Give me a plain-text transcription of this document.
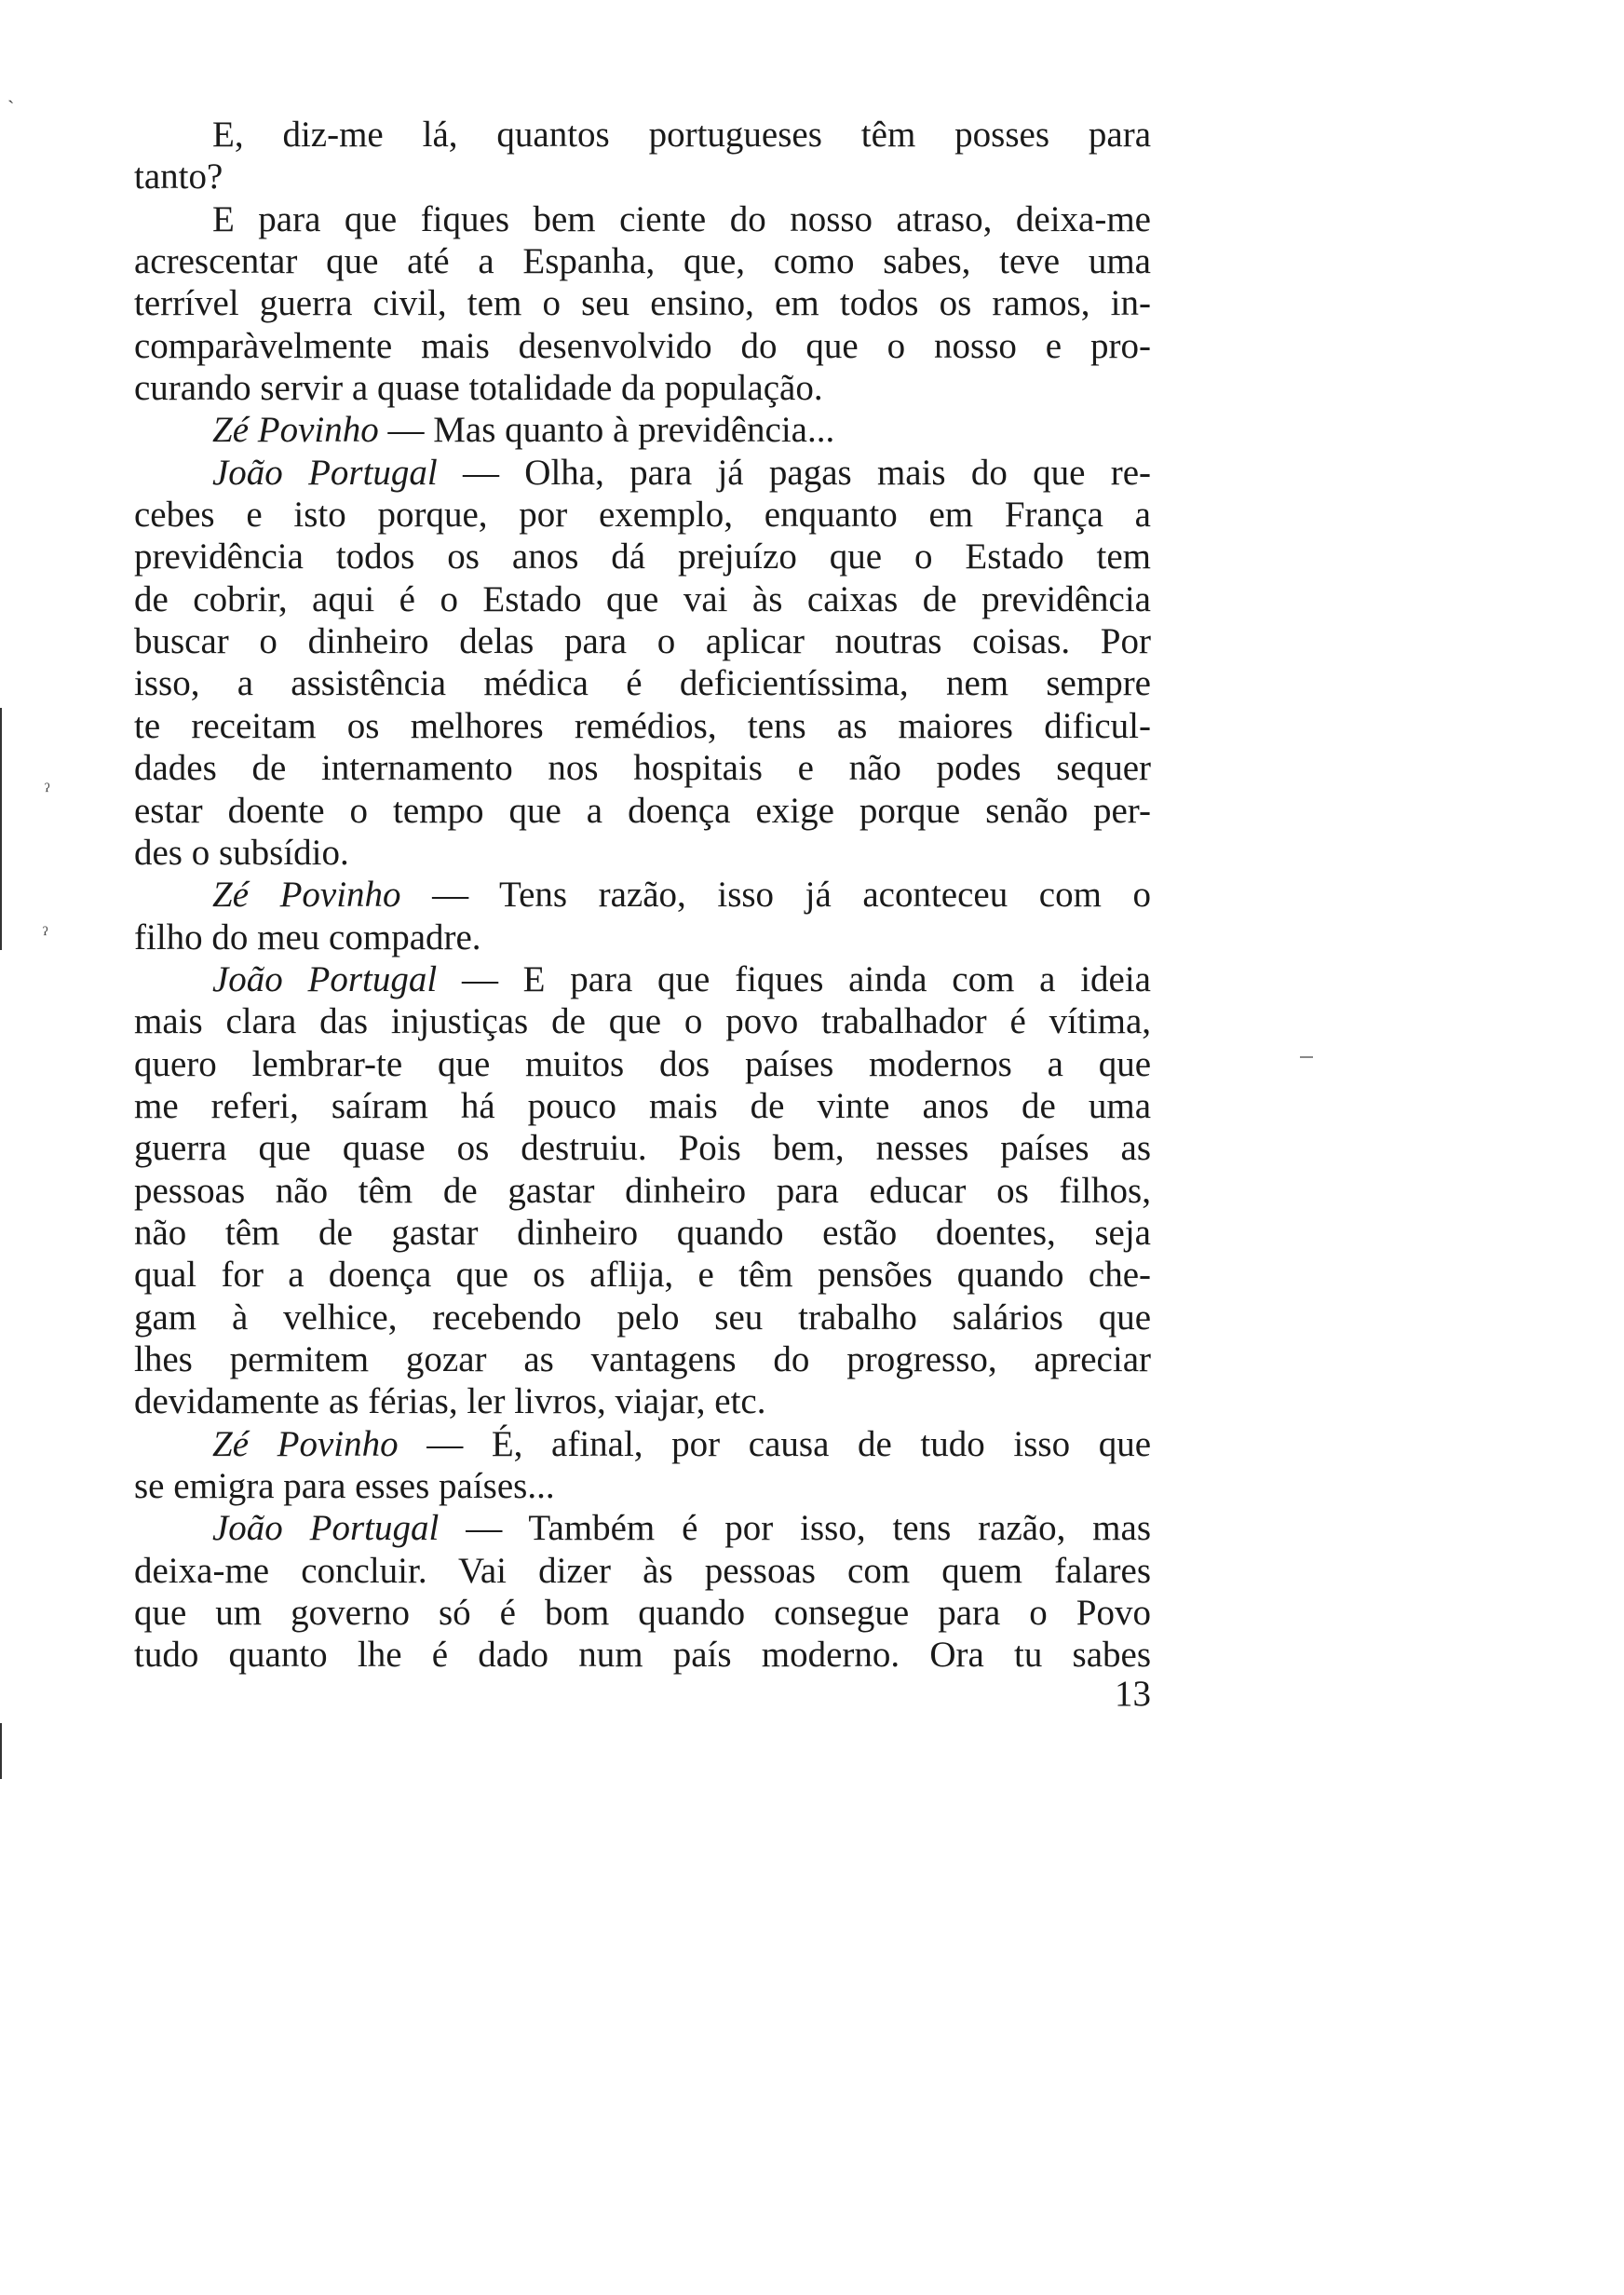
ˎ
ˀ
ˀ
E, diz-me lá, quantos portugueses têm posses para
tanto?
E para que fiques bem ciente do nosso atraso, deixa-me
acrescentar que até a Espanha, que, como sabes, teve uma
terrível guerra civil, tem o seu ensino, em todos os ramos, in-
comparàvelmente mais desenvolvido do que o nosso e pro-
curando servir a quase totalidade da população.
Zé Povinho — Mas quanto à previdência...
João Portugal — Olha, para já pagas mais do que re-
cebes e isto porque, por exemplo, enquanto em França a
previdência todos os anos dá prejuízo que o Estado tem
de cobrir, aqui é o Estado que vai às caixas de previdência
buscar o dinheiro delas para o aplicar noutras coisas. Por
isso, a assistência médica é deficientíssima, nem sempre
te receitam os melhores remédios, tens as maiores dificul-
dades de internamento nos hospitais e não podes sequer
estar doente o tempo que a doença exige porque senão per-
des o subsídio.
Zé Povinho — Tens razão, isso já aconteceu com o
filho do meu compadre.
João Portugal — E para que fiques ainda com a ideia
mais clara das injustiças de que o povo trabalhador é vítima,
quero lembrar-te que muitos dos países modernos a que
me referi, saíram há pouco mais de vinte anos de uma
guerra que quase os destruiu. Pois bem, nesses países as
pessoas não têm de gastar dinheiro para educar os filhos,
não têm de gastar dinheiro quando estão doentes, seja
qual for a doença que os aflija, e têm pensões quando che-
gam à velhice, recebendo pelo seu trabalho salários que
lhes permitem gozar as vantagens do progresso, apreciar
devidamente as férias, ler livros, viajar, etc.
Zé Povinho — É, afinal, por causa de tudo isso que
se emigra para esses países...
João Portugal — Também é por isso, tens razão, mas
deixa-me concluir. Vai dizer às pessoas com quem falares
que um governo só é bom quando consegue para o Povo
tudo quanto lhe é dado num país moderno. Ora tu sabes
13
